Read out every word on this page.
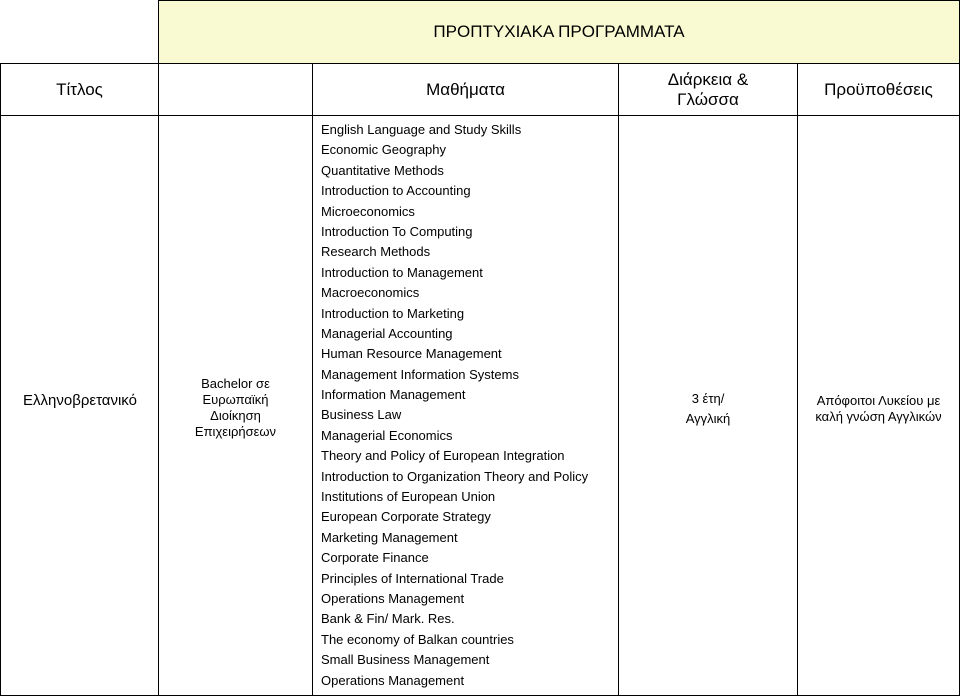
ΠΡΟΠΤΥΧΙΑΚΑ ΠΡΟΓΡΑΜΜΑΤΑ
Τίτλος	Μαθήματα
Διάρκεια & Γλώσσα
Προϋποθέσεις
Ελληνοβρετανικό
Bachelor σε Ευρωπαϊκή Διοίκηση Επιχειρήσεων
English Language and Study Skills
Economic Geography
Quantitative Methods
Introduction to Accounting
Microeconomics
Introduction To Computing
Research Methods
Introduction to Management
Macroeconomics
Introduction to Marketing
Managerial Accounting
Human Resource Management
Management Information Systems
Information Management
Business Law
Managerial Economics
Theory and Policy of European Integration
Introduction to Organization Theory and Policy
Institutions of European Union
European Corporate Strategy
Marketing Management
Corporate Finance
Principles of International Trade
Operations Management
Bank & Fin/ Mark. Res.
The economy of Balkan countries
Small Business Management
Operations Management
3 έτη/
Αγγλική
Απόφοιτοι Λυκείου με καλή γνώση Αγγλικών
